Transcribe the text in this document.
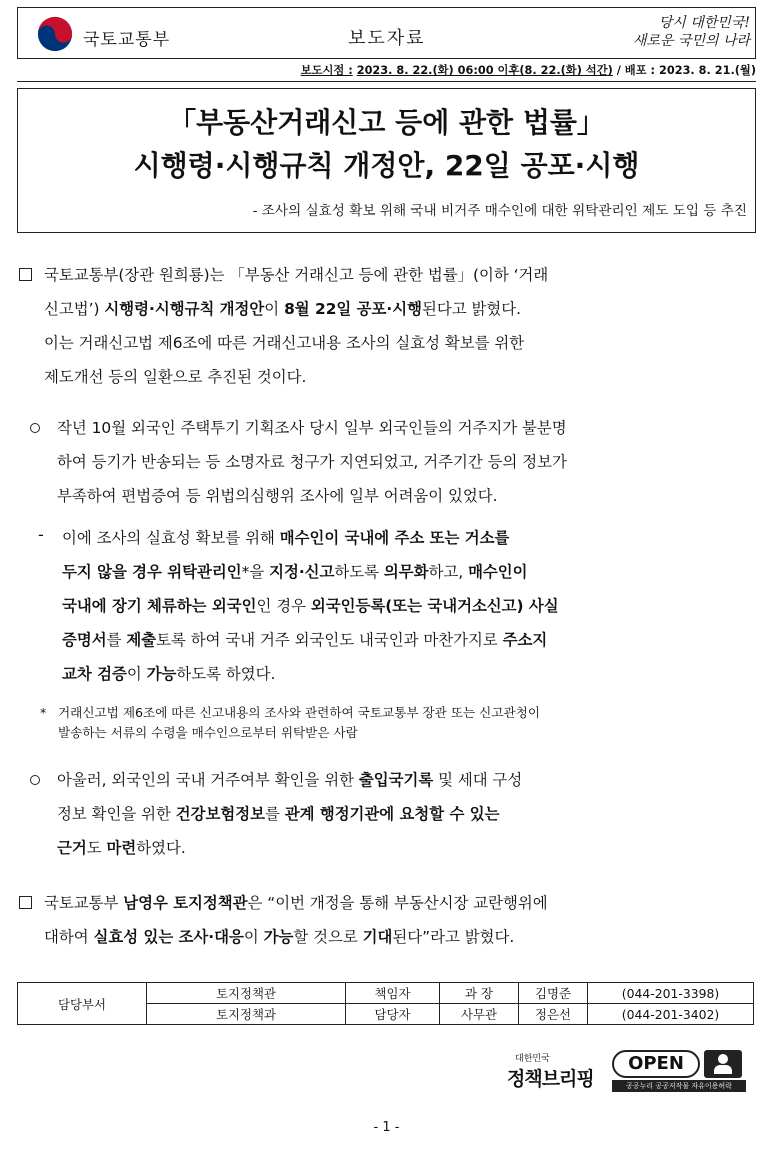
국토교통부	보도자료
당시 대한민국!
새로운 국민의 나라
보도시점 : 2023. 8. 22.(화) 06:00 이후(8. 22.(화) 석간) / 배포 : 2023. 8. 21.(월)
「부동산거래신고 등에 관한 법률」
시행령·시행규칙 개정안, 22일 공포·시행
- 조사의 실효성 확보 위해 국내 비거주 매수인에 대한 위탁관리인 제도 도입 등 추진
국토교통부(장관 원희룡)는 「부동산 거래신고 등에 관한 법률」(이하 ‘거래
신고법’) 시행령·시행규칙 개정안이 8월 22일 공포·시행된다고 밝혔다.
이는 거래신고법 제6조에 따른 거래신고내용 조사의 실효성 확보를 위한
제도개선 등의 일환으로 추진된 것이다.
작년 10월 외국인 주택투기 기획조사 당시 일부 외국인들의 거주지가 불분명
하여 등기가 반송되는 등 소명자료 청구가 지연되었고, 거주기간 등의 정보가
부족하여 편법증여 등 위법의심행위 조사에 일부 어려움이 있었다.
- 이에 조사의 실효성 확보를 위해 매수인이 국내에 주소 또는 거소를
두지 않을 경우 위탁관리인*을 지정·신고하도록 의무화하고, 매수인이
국내에 장기 체류하는 외국인인 경우 외국인등록(또는 국내거소신고) 사실
증명서를 제출토록 하여 국내 거주 외국인도 내국인과 마찬가지로 주소지
교차 검증이 가능하도록 하였다.
* 거래신고법 제6조에 따른 신고내용의 조사와 관련하여 국토교통부 장관 또는 신고관청이
발송하는 서류의 수령을 매수인으로부터 위탁받은 사람
아울러, 외국인의 국내 거주여부 확인을 위한 출입국기록 및 세대 구성
정보 확인을 위한 건강보험정보를 관계 행정기관에 요청할 수 있는
근거도 마련하였다.
국토교통부 남영우 토지정책관은 “이번 개정을 통해 부동산시장 교란행위에
대하여 실효성 있는 조사·대응이 가능할 것으로 기대된다”라고 밝혔다.
담당부서	토지정책관	책임자	과 장	김명준	(044-201-3398)
	토지정책과	담당자	사무관	정은선	(044-201-3402)
대한민국
정책브리핑
OPEN
공공누리 공공저작물 자유이용허락
- 1 -
